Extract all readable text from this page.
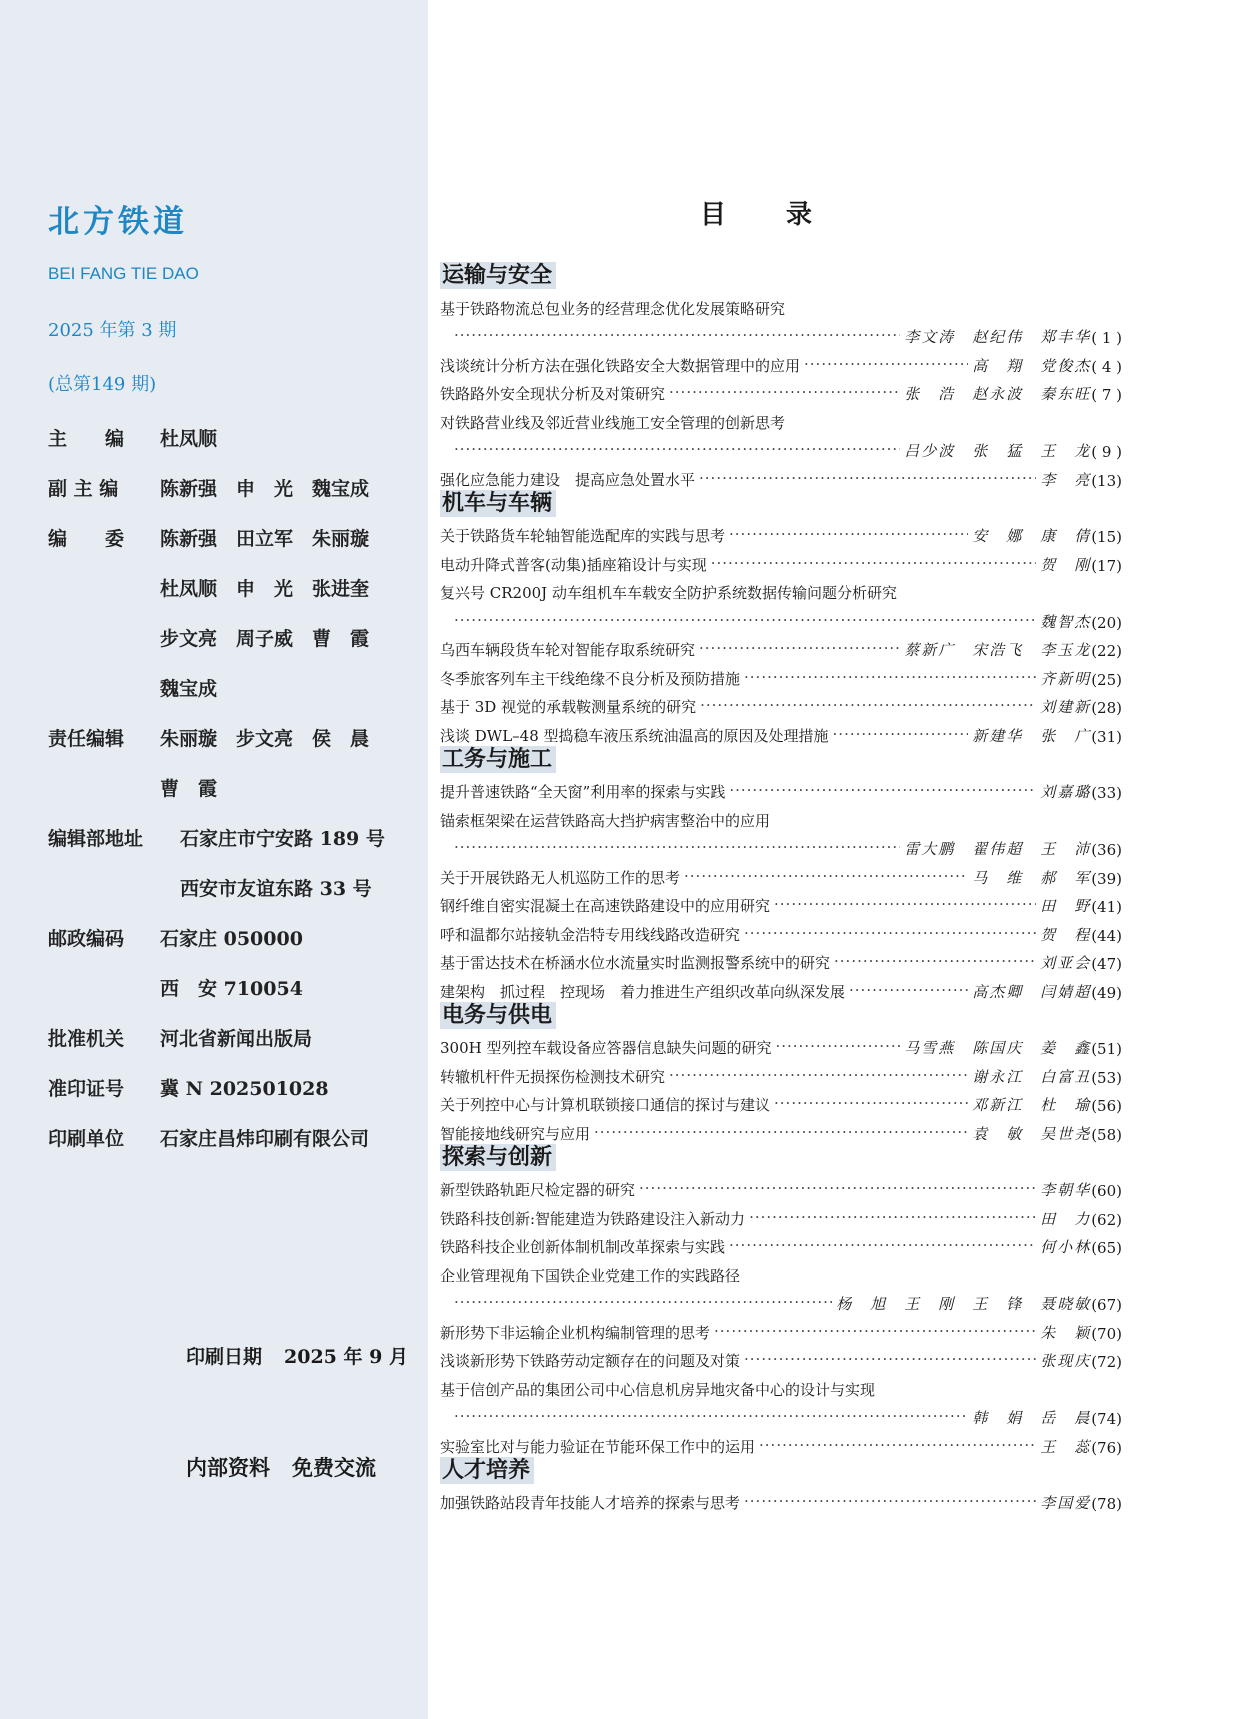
北方铁道
BEI FANG TIE DAO
2025 年第 3 期
(总第149 期)
主　　编 杜凤顺
副 主 编 陈新强　申　光　魏宝成
编　　委 陈新强　田立军　朱丽璇
杜凤顺　申　光　张进奎
步文亮　周子威　曹　霞
魏宝成
责任编辑 朱丽璇　步文亮　侯　晨
曹　霞
编辑部地址 石家庄市宁安路 189 号
西安市友谊东路 33 号
邮政编码 石家庄 050000
西　安 710054
批准机关 河北省新闻出版局
准印证号 冀 N 202501028
印刷单位 石家庄昌炜印刷有限公司
印刷日期 2025 年 9 月
内部资料 免费交流
目录
运输与安全
基于铁路物流总包业务的经营理念优化发展策略研究
·····
李文涛　赵纪伟　郑丰华 ( 1 )
浅谈统计分析方法在强化铁路安全大数据管理中的应用 ·····	高　翔　党俊杰 ( 4 )
铁路路外安全现状分析及对策研究 ·····	张　浩　赵永波　秦东旺 ( 7 )
对铁路营业线及邻近营业线施工安全管理的创新思考
·····
吕少波　张　猛　王　龙 ( 9 )
强化应急能力建设　提高应急处置水平 ·····	李　亮 (13)
机车与车辆
关于铁路货车轮轴智能选配库的实践与思考 ·····	安　娜　康　倩 (15)
电动升降式普客(动集)插座箱设计与实现 ·····	贺　刚 (17)
复兴号 CR200J 动车组机车车载安全防护系统数据传输问题分析研究
·····
魏智杰 (20)
乌西车辆段货车轮对智能存取系统研究 ·····	蔡新广　宋浩飞　李玉龙 (22)
冬季旅客列车主干线绝缘不良分析及预防措施 ·····	齐新明 (25)
基于 3D 视觉的承载鞍测量系统的研究 ·····	刘建新 (28)
浅谈 DWL–48 型捣稳车液压系统油温高的原因及处理措施 ·····	新建华　张　广 (31)
工务与施工
提升普速铁路“全天窗”利用率的探索与实践 ·····	刘嘉璐 (33)
锚索框架梁在运营铁路高大挡护病害整治中的应用
·····
雷大鹏　翟伟超　王　沛 (36)
关于开展铁路无人机巡防工作的思考 ·····	马　维　郝　军 (39)
钢纤维自密实混凝土在高速铁路建设中的应用研究 ·····	田　野 (41)
呼和温都尔站接轨金浩特专用线线路改造研究 ·····	贺　程 (44)
基于雷达技术在桥涵水位水流量实时监测报警系统中的研究 ·····	刘亚会 (47)
建架构　抓过程　控现场　着力推进生产组织改革向纵深发展 ·····	高杰卿　闫婧超 (49)
电务与供电
300H 型列控车载设备应答器信息缺失问题的研究 ·····	马雪燕　陈国庆　姜　鑫 (51)
转辙机杆件无损探伤检测技术研究 ·····	谢永江　白富丑 (53)
关于列控中心与计算机联锁接口通信的探讨与建议 ·····	邓新江　杜　瑜 (56)
智能接地线研究与应用 ·····	袁　敏　吴世尧 (58)
探索与创新
新型铁路轨距尺检定器的研究 ·····	李朝华 (60)
铁路科技创新:智能建造为铁路建设注入新动力 ·····	田　力 (62)
铁路科技企业创新体制机制改革探索与实践 ·····	何小林 (65)
企业管理视角下国铁企业党建工作的实践路径
·····
杨　旭　王　刚　王　锋　聂晓敏 (67)
新形势下非运输企业机构编制管理的思考 ·····	朱　颖 (70)
浅谈新形势下铁路劳动定额存在的问题及对策 ·····	张现庆 (72)
基于信创产品的集团公司中心信息机房异地灾备中心的设计与实现
·····
韩　娟　岳　晨 (74)
实验室比对与能力验证在节能环保工作中的运用 ·····	王　蕊 (76)
人才培养
加强铁路站段青年技能人才培养的探索与思考 ·····	李国爱 (78)
